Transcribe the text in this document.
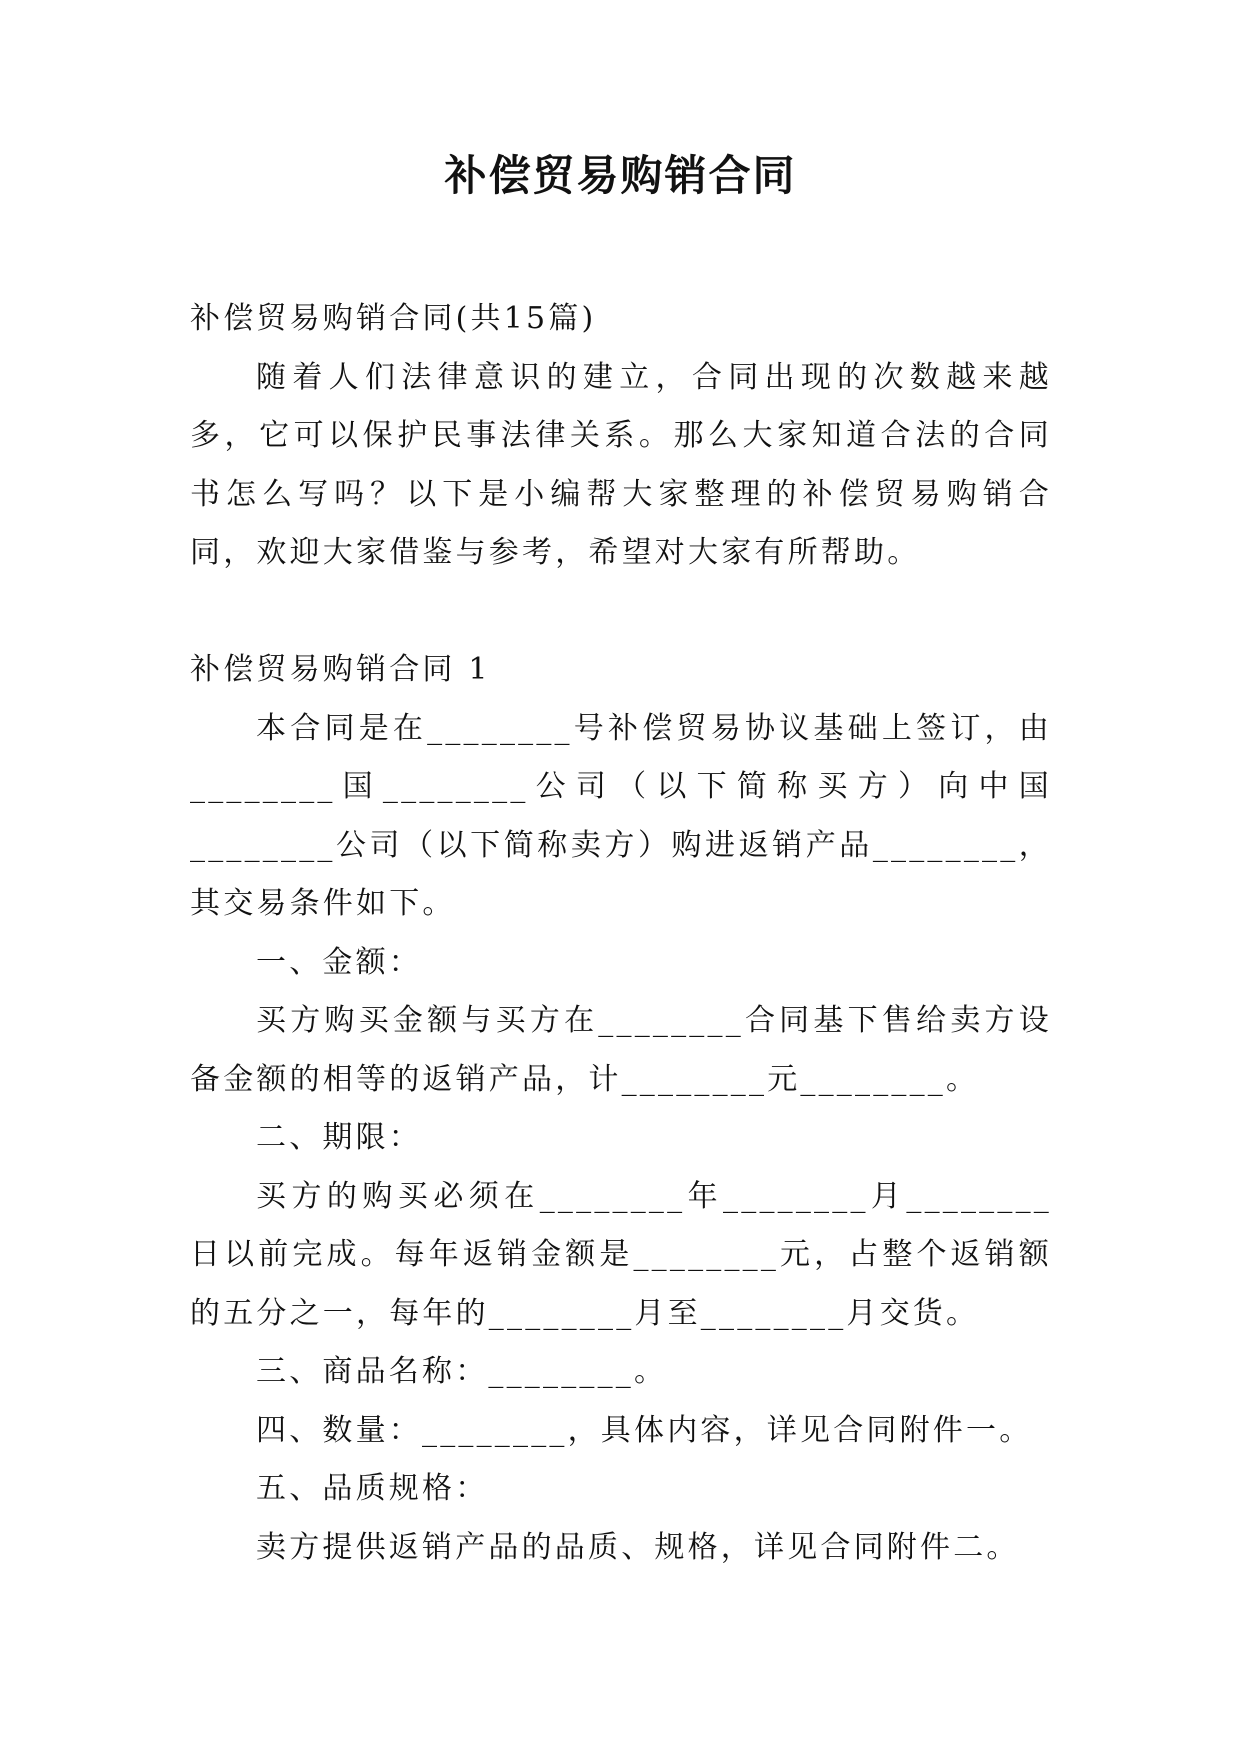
补偿贸易购销合同

补偿贸易购销合同(共15篇)

随着人们法律意识的建立，合同出现的次数越来越多，它可以保护民事法律关系。那么大家知道合法的合同书怎么写吗？以下是小编帮大家整理的补偿贸易购销合同，欢迎大家借鉴与参考，希望对大家有所帮助。

补偿贸易购销合同 1

本合同是在________号补偿贸易协议基础上签订，由________国________公司（以下简称买方）向中国________公司（以下简称卖方）购进返销产品________，其交易条件如下。

一、金额：

买方购买金额与买方在________合同基下售给卖方设备金额的相等的返销产品，计________元________。

二、期限：

买方的购买必须在________年________月________日以前完成。每年返销金额是________元，占整个返销额的五分之一，每年的________月至________月交货。

三、商品名称：________。

四、数量：________，具体内容，详见合同附件一。

五、品质规格：

卖方提供返销产品的品质、规格，详见合同附件二。
